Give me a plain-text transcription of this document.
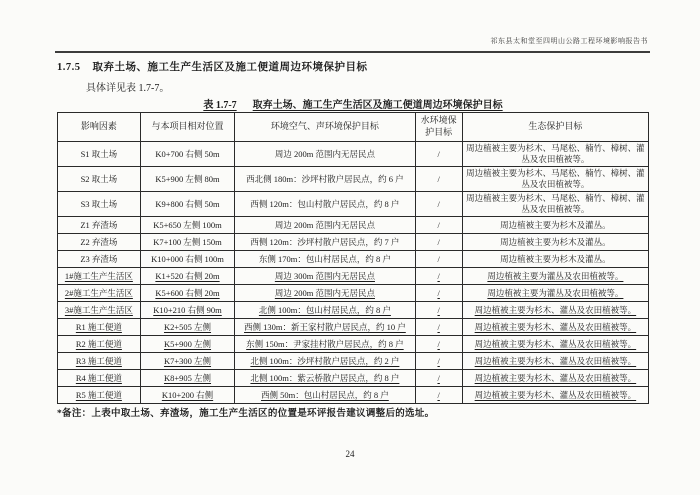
祁东县太和堂至四明山公路工程环境影响报告书
1.7.5 取弃土场、施工生产生活区及施工便道周边环境保护目标
具体详见表 1.7-7。
表 1.7-7 取弃土场、施工生产生活区及施工便道周边环境保护目标
影响因素	与本项目相对位置	环境空气、声环境保护目标	水环境保护目标	生态保护目标
S1 取土场	K0+700 右侧 50m	周边 200m 范围内无居民点	/	周边植被主要为杉木、马尾松、楠竹、樟树、灌丛及农田植被等。
S2 取土场	K5+900 左侧 80m	西北侧 180m：沙坪村散户居民点，约 6 户	/	周边植被主要为杉木、马尾松、楠竹、樟树、灌丛及农田植被等。
S3 取土场	K9+800 右侧 50m	西侧 120m：包山村散户居民点，约 8 户	/	周边植被主要为杉木、马尾松、楠竹、樟树、灌丛及农田植被等。
Z1 弃渣场	K5+650 左侧 100m	周边 200m 范围内无居民点	/	周边植被主要为杉木及灌丛。
Z2 弃渣场	K7+100 左侧 150m	西侧 120m：沙坪村散户居民点，约 7 户	/	周边植被主要为杉木及灌丛。
Z3 弃渣场	K10+000 右侧 100m	东侧 170m：包山村居民点，约 8 户	/	周边植被主要为杉木及灌丛。
1#施工生产生活区	K1+520 右侧 20m	周边 300m 范围内无居民点	/	周边植被主要为灌丛及农田植被等。
2#施工生产生活区	K5+600 右侧 20m	周边 200m 范围内无居民点	/	周边植被主要为灌丛及农田植被等。
3#施工生产生活区	K10+210 右侧 90m	北侧 100m：包山村居民点，约 8 户	/	周边植被主要为杉木、灌丛及农田植被等。
R1 施工便道	K2+505 左侧	西侧 130m：新王家村散户居民点，约 10 户	/	周边植被主要为杉木、灌丛及农田植被等。
R2 施工便道	K5+900 左侧	东侧 150m：尹家挂村散户居民点，约 8 户	/	周边植被主要为杉木、灌丛及农田植被等。
R3 施工便道	K7+300 左侧	北侧 100m：沙坪村散户居民点，约 2 户	/	周边植被主要为杉木、灌丛及农田植被等。
R4 施工便道	K8+905 左侧	北侧 100m：紫云桥散户居民点，约 8 户	/	周边植被主要为杉木、灌丛及农田植被等。
R5 施工便道	K10+200 右侧	西侧 50m：包山村居民点，约 8 户	/	周边植被主要为杉木、灌丛及农田植被等。
*备注：上表中取土场、弃渣场，施工生产生活区的位置是环评报告建议调整后的选址。
24
